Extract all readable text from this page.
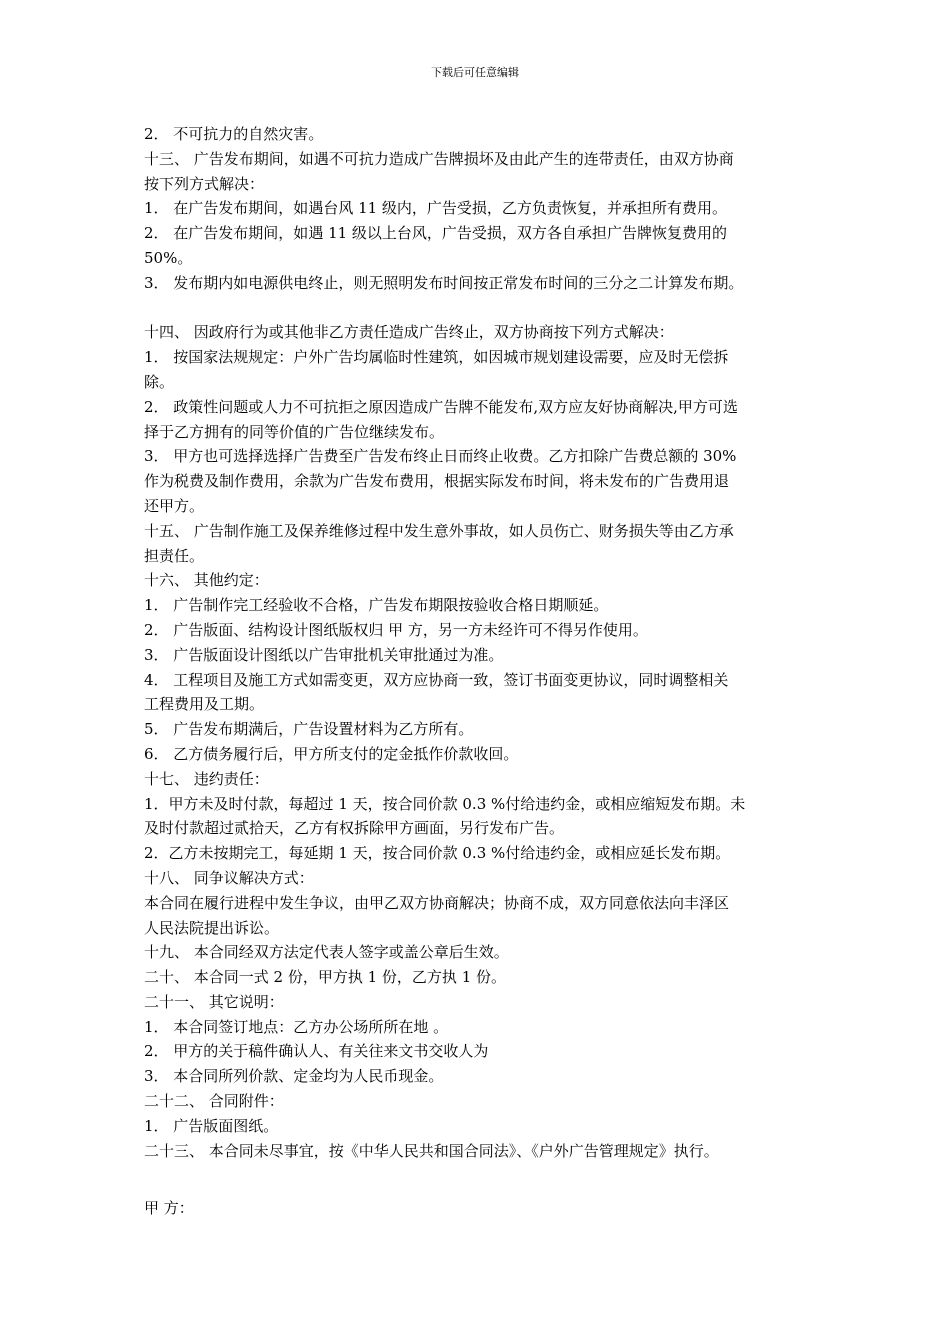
下载后可任意编辑
2． 不可抗力的自然灾害。
十三、 广告发布期间，如遇不可抗力造成广告牌损坏及由此产生的连带责任，由双方协商
按下列方式解决：
1． 在广告发布期间，如遇台风 11 级内，广告受损，乙方负责恢复，并承担所有费用。
2． 在广告发布期间，如遇 11 级以上台风，广告受损，双方各自承担广告牌恢复费用的
50%。
3． 发布期内如电源供电终止，则无照明发布时间按正常发布时间的三分之二计算发布期。
十四、 因政府行为或其他非乙方责任造成广告终止，双方协商按下列方式解决：
1． 按国家法规规定：户外广告均属临时性建筑，如因城市规划建设需要，应及时无偿拆
除。
2． 政策性问题或人力不可抗拒之原因造成广告牌不能发布,双方应友好协商解决,甲方可选
择于乙方拥有的同等价值的广告位继续发布。
3． 甲方也可选择选择广告费至广告发布终止日而终止收费。乙方扣除广告费总额的 30%
作为税费及制作费用，余款为广告发布费用，根据实际发布时间，将未发布的广告费用退
还甲方。
十五、 广告制作施工及保养维修过程中发生意外事故，如人员伤亡、财务损失等由乙方承
担责任。
十六、 其他约定：
1． 广告制作完工经验收不合格，广告发布期限按验收合格日期顺延。
2． 广告版面、结构设计图纸版权归 甲 方，另一方未经许可不得另作使用。
3． 广告版面设计图纸以广告审批机关审批通过为准。
4． 工程项目及施工方式如需变更，双方应协商一致，签订书面变更协议，同时调整相关
工程费用及工期。
5． 广告发布期满后，广告设置材料为乙方所有。
6． 乙方债务履行后，甲方所支付的定金抵作价款收回。
十七、 违约责任：
1．甲方未及时付款，每超过 1 天，按合同价款 0.3 %付给违约金，或相应缩短发布期。未
及时付款超过贰拾天，乙方有权拆除甲方画面，另行发布广告。
2．乙方未按期完工，每延期 1 天，按合同价款 0.3 %付给违约金，或相应延长发布期。
十八、 同争议解决方式：
本合同在履行进程中发生争议，由甲乙双方协商解决；协商不成，双方同意依法向丰泽区
人民法院提出诉讼。
十九、 本合同经双方法定代表人签字或盖公章后生效。
二十、 本合同一式 2 份，甲方执 1 份，乙方执 1 份。
二十一、 其它说明：
1． 本合同签订地点：乙方办公场所所在地 。
2． 甲方的关于稿件确认人、有关往来文书交收人为
3． 本合同所列价款、定金均为人民币现金。
二十二、 合同附件：
1． 广告版面图纸。
二十三、 本合同未尽事宜，按《中华人民共和国合同法》、《户外广告管理规定》执行。
甲 方：
